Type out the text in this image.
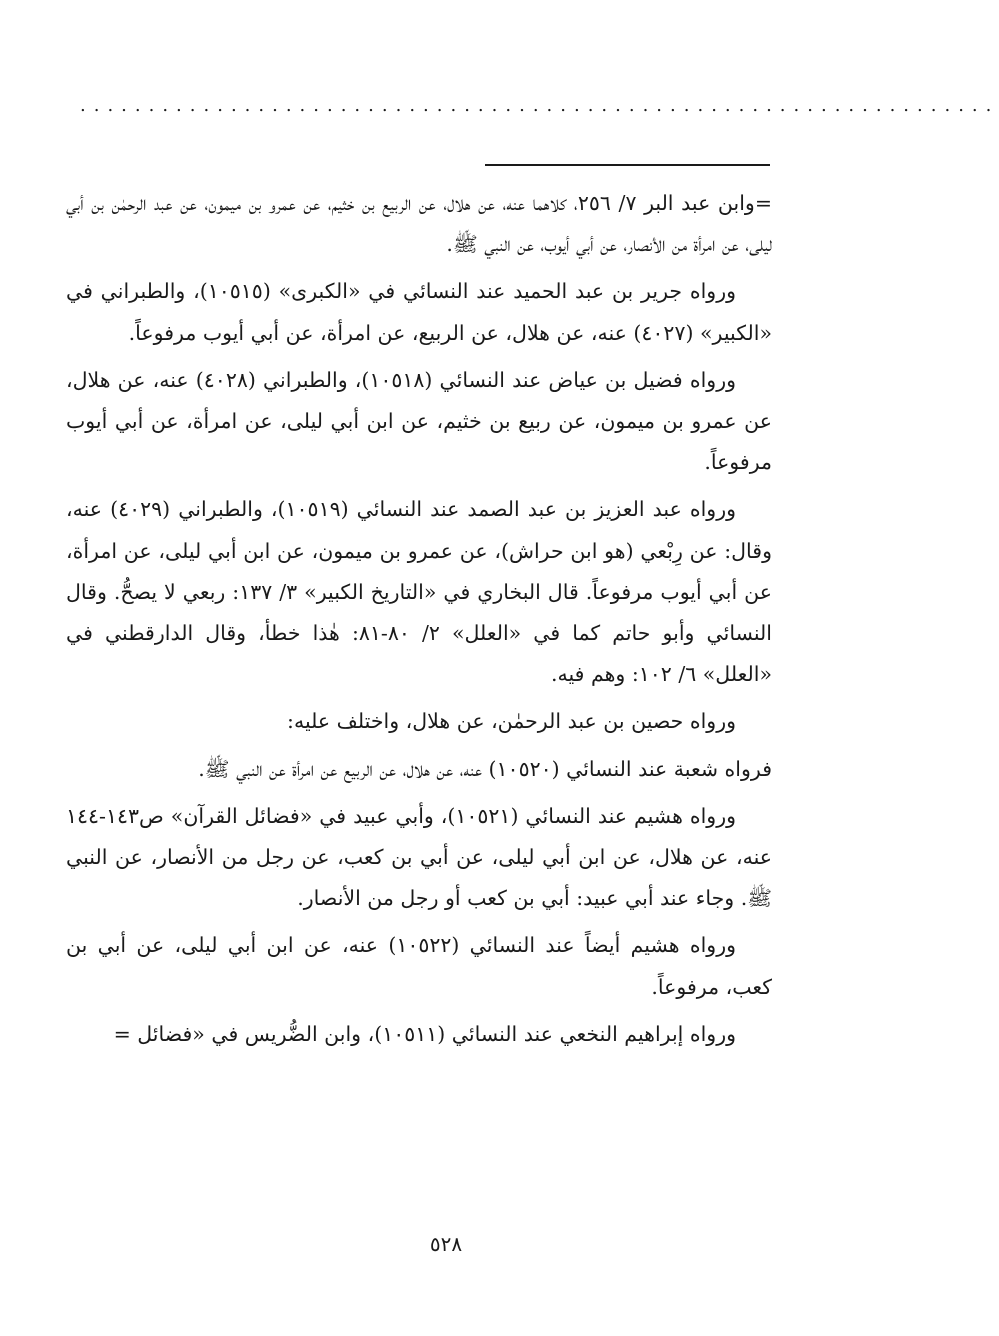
...................................................................

=وابن عبد البر ٧/ ٢٥٦، كلاهما عنه، عن هلال، عن الربيع بن خثيم، عن عمرو بن ميمون، عن عبد الرحمٰن بن أبي ليلى، عن امرأة من الأنصار، عن أبي أيوب، عن النبي ﷺ.

ورواه جرير بن عبد الحميد عند النسائي في «الكبرى» (١٠٥١٥)، والطبراني في «الكبير» (٤٠٢٧) عنه، عن هلال، عن الربيع، عن امرأة، عن أبي أيوب مرفوعاً.

ورواه فضيل بن عياض عند النسائي (١٠٥١٨)، والطبراني (٤٠٢٨) عنه، عن هلال، عن عمرو بن ميمون، عن ربيع بن خثيم، عن ابن أبي ليلى، عن امرأة، عن أبي أيوب مرفوعاً.

ورواه عبد العزيز بن عبد الصمد عند النسائي (١٠٥١٩)، والطبراني (٤٠٢٩) عنه، وقال: عن رِبْعي (هو ابن حراش)، عن عمرو بن ميمون، عن ابن أبي ليلى، عن امرأة، عن أبي أيوب مرفوعاً. قال البخاري في «التاريخ الكبير» ٣/ ١٣٧: ربعي لا يصحُّ. وقال النسائي وأبو حاتم كما في «العلل» ٢/ ٨٠-٨١: هٰذا خطأ، وقال الدارقطني في «العلل» ٦/ ١٠٢: وهم فيه.

ورواه حصين بن عبد الرحمٰن، عن هلال، واختلف عليه:

فرواه شعبة عند النسائي (١٠٥٢٠) عنه، عن هلال، عن الربيع عن امرأة عن النبي ﷺ.

ورواه هشيم عند النسائي (١٠٥٢١)، وأبي عبيد في «فضائل القرآن» ص١٤٣-١٤٤ عنه، عن هلال، عن ابن أبي ليلى، عن أبي بن كعب، عن رجل من الأنصار، عن النبي ﷺ. وجاء عند أبي عبيد: أبي بن كعب أو رجل من الأنصار.

ورواه هشيم أيضاً عند النسائي (١٠٥٢٢) عنه، عن ابن أبي ليلى، عن أبي بن كعب، مرفوعاً.

ورواه إبراهيم النخعي عند النسائي (١٠٥١١)، وابن الضُّريس في «فضائل =

٥٢٨
